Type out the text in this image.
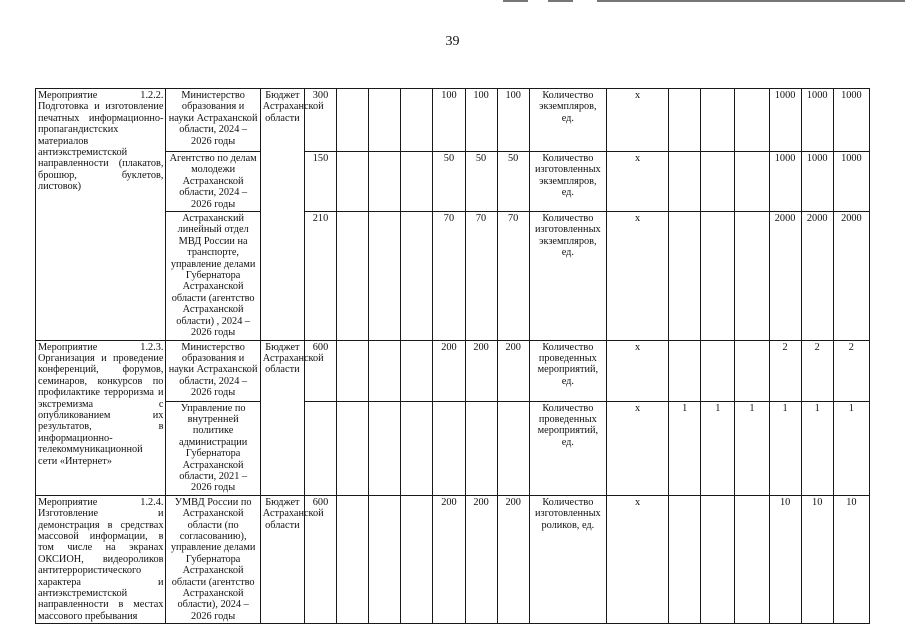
39
Мероприятие 1.2.2. Подготовка и изготовление печатных информационно-пропагандистских материалов антиэкстремистской направленности (плакатов, брошюр, буклетов, листовок)	Министерство образования и науки Астраханской области, 2024 – 2026 годы	Бюджет Астраханской области	300				100	100	100	Количество экземпляров, ед.	x				1000	1000	1000
	Агентство по делам молодежи Астраханской области, 2024 – 2026 годы		150				50	50	50	Количество изготовленных экземпляров, ед.	x				1000	1000	1000
	Астраханский линейный отдел МВД России на транспорте, управление делами Губернатора Астраханской области (агентство Астраханской области) , 2024 – 2026 годы		210				70	70	70	Количество изготовленных экземпляров, ед.	x				2000	2000	2000
Мероприятие 1.2.3. Организация и проведение конференций, форумов, семинаров, конкурсов по профилактике терроризма и экстремизма с опубликованием их результатов, в информационно-телекоммуникационной сети «Интернет»	Министерство образования и науки Астраханской области, 2024 – 2026 годы	Бюджет Астраханской области	600				200	200	200	Количество проведенных мероприятий, ед.	x				2	2	2
	Управление по внутренней политике администрации Губернатора Астраханской области, 2021 – 2026 годы									Количество проведенных мероприятий, ед.	x	1	1	1	1	1	1
Мероприятие 1.2.4. Изготовление и демонстрация в средствах массовой информации, в том числе на экранах ОКСИОН, видеороликов антитеррористического характера и антиэкстремистской направленности в местах массового пребывания	УМВД России по Астраханской области (по согласованию), управление делами Губернатора Астраханской области (агентство Астраханской области), 2024 – 2026 годы	Бюджет Астраханской области	600				200	200	200	Количество изготовленных роликов, ед.	x				10	10	10
